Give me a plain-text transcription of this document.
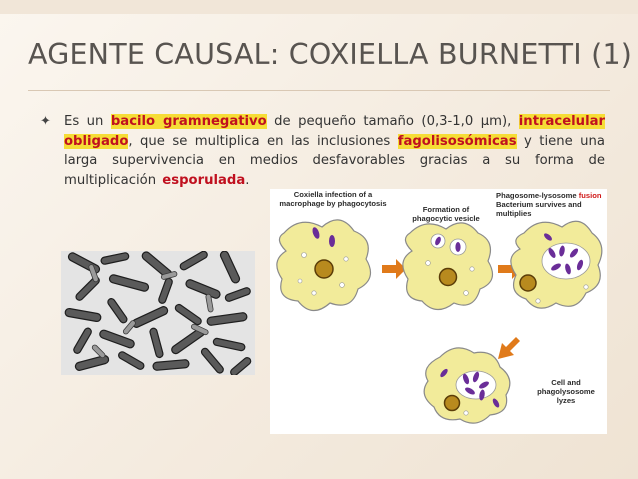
AGENTE CAUSAL: COXIELLA BURNETTI (1)
✦ Es un bacilo gramnegativo de pequeño tamaño (0,3-1,0 µm), intracelular obligado, que se multiplica en las inclusiones fagolisosómicas y tiene una larga supervivencia en medios desfavorables gracias a su forma de multiplicación esporulada.
Coxiella infection of a macrophage by phagocytosis
Formation of phagocytic vesicle
Phagosome-lysosome fusion
Bacterium survives and multiplies
Cell and phagolysosome lyzes
